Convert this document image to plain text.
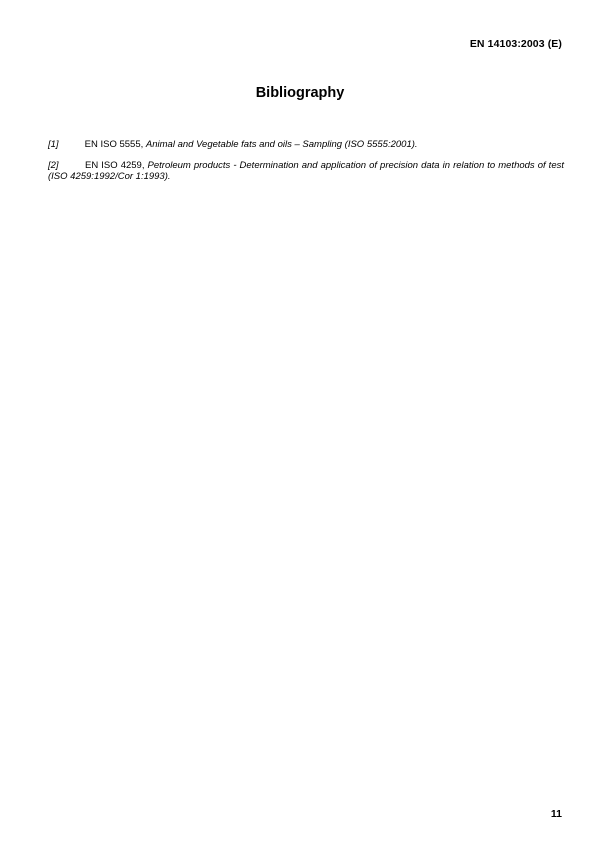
EN 14103:2003 (E)
Bibliography

[1]	EN ISO 5555, Animal and Vegetable fats and oils – Sampling (ISO 5555:2001).

[2]	EN ISO 4259, Petroleum products - Determination and application of precision data in relation to methods of test (ISO 4259:1992/Cor 1:1993).

11
